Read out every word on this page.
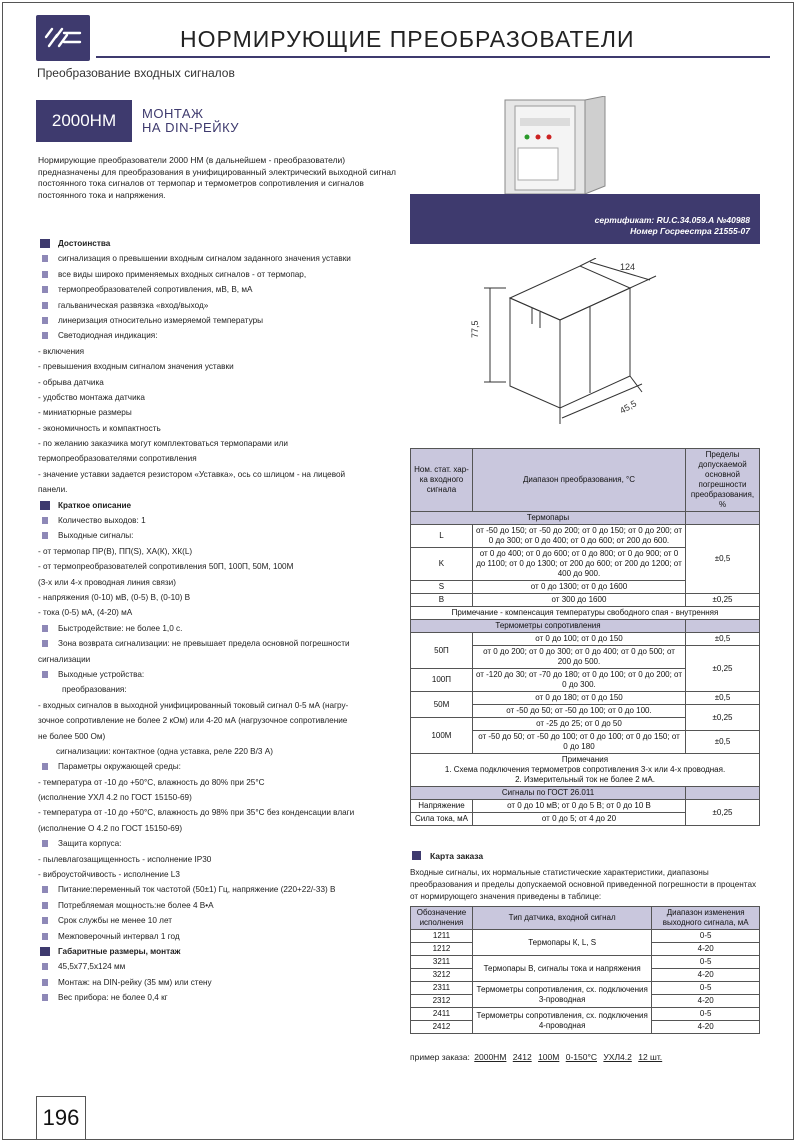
НОРМИРУЮЩИЕ ПРЕОБРАЗОВАТЕЛИ
Преобразование входных сигналов
2000НМ	МОНТАЖ
НА DIN-РЕЙКУ
Нормирующие преобразователи 2000 НМ (в дальнейшем - преобразователи) предназначены для преобразования в унифицированный электрический выходной сигнал постоянного тока сигналов от термопар и термометров сопротивления и сигналов постоянного тока и напряжения.
Достоинства
сигнализация о превышении входным сигналом заданного значения уставки
все виды широко применяемых входных сигналов - от термопар,
термопреобразователей сопротивления, мВ, В, мА
гальваническая развязка «вход/выход»
линеризация относительно измеряемой температуры
Светодиодная индикация:
- включения
- превышения входным сигналом значения уставки
- обрыва датчика
- удобство монтажа датчика
- миниатюрные размеры
- экономичность и компактность
- по желанию заказчика могут комплектоваться термопарами или
термопреобразователями сопротивления
- значение уставки задается резистором «Уставка», ось со шлицом - на лицевой
панели.
Краткое описание
Количество выходов: 1
Выходные сигналы:
- от термопар ПР(В), ПП(S), ХА(К), ХК(L)
- от термопреобразователей сопротивления 50П, 100П, 50М, 100М
(3-х или 4-х проводная линия связи)
- напряжения (0-10) мВ, (0-5) В, (0-10) В
- тока (0-5) мА, (4-20) мА
Быстродействие: не более 1,0 с.
Зона возврата сигнализации: не превышает предела основной погрешности
сигнализации
Выходные устройства:
преобразования:
- входных сигналов в выходной унифицированный токовый сигнал 0-5 мА (нагру-
зочное сопротивление не более 2 кОм) или 4-20 мА (нагрузочное сопротивление
не более 500 Ом)
сигнализации: контактное (одна уставка, реле 220 В/3 А)
Параметры окружающей среды:
- температура от -10 до +50°С, влажность до 80% при 25°С
(исполнение УХЛ 4.2 по ГОСТ 15150-69)
- температура от -10 до +50°С, влажность до 98% при 35°С без конденсации влаги
(исполнение О 4.2 по ГОСТ 15150-69)
Защита корпуса:
- пылевлагозащищенность - исполнение IP30
- виброустойчивость - исполнение L3
Питание:переменный ток частотой (50±1) Гц, напряжение (220+22/-33) В
Потребляемая мощность:не более 4 В•А
Срок службы не менее 10 лет
Межповерочный интервал 1 год
Габаритные размеры, монтаж
45,5х77,5х124 мм
Монтаж: на DIN-рейку (35 мм) или стену
Вес прибора: не более 0,4 кг
сертификат: RU.С.34.059.А №40988
Номер Госреестра 21555-07
124
77,5
45,5
Ном. стат. хар-ка входного сигнала	Диапазон преобразования, °С	Пределы допускаемой основной погрешности преобразования, %
Термопары		
L	от -50 до 150; от -50 до 200; от 0 до 150; от 0 до 200; от 0 до 300; от 0 до 400; от 0 до 600; от 200 до 600.	±0,5
K	от 0 до 400; от 0 до 600; от 0 до 800; от 0 до 900; от 0 до 1100; от 0 до 1300; от 200 до 600; от 200 до 1200; от 400 до 900.	
S	от 0 до 1300; от 0 до 1600	
B	от 300 до 1600	±0,25
Примечание - компенсация температуры свободного спая - внутренняя		
Термометры сопротивления		
50П	от 0 до 100; от 0 до 150	±0,5
	от 0 до 200; от 0 до 300; от 0 до 400; от 0 до 500; от 200 до 500.	±0,25
100П	от -120 до 30; от -70 до 180; от 0 до 100; от 0 до 200; от 0 до 300.	
50М	от 0 до 180; от 0 до 150	±0,5
	от -50 до 50; от -50 до 100; от 0 до 100.	±0,25
100М	от -25 до 25; от 0 до 50	
	от -50 до 50; от -50 до 100; от 0 до 100; от 0 до 150; от 0 до 180	±0,5

Примечания
1. Схема подключения термометров сопротивления 3-х или 4-х проводная.
2. Измерительный ток не более 2 мА.		

Сигналы по ГОСТ 26.011		
Напряжение	от 0 до 10 мВ; от 0 до 5 В; от 0 до 10 В	±0,25
Сила тока, мА	от 0 до 5; от 4 до 20	
Карта заказа
Входные сигналы, их нормальные статистические характеристики, диапазоны преобразования и пределы допускаемой основной приведенной погрешности в процентах от нормирующего значения приведены в таблице:
Обозначение исполнения	Тип датчика, входной сигнал	Диапазон изменения выходного сигнала, мА
1211	Термопары К, L, S	0-5
1212		4-20
3211	Термопары В, сигналы тока и напряжения	0-5
3212		4-20
2311	Термометры сопротивления, сх. подключения 3-проводная	0-5
2312		4-20
2411	Термометры сопротивления, сх. подключения 4-проводная	0-5
2412		4-20
пример заказа: 2000НМ 2412 100М 0-150°С УХЛ4.2 12 шт.
196
